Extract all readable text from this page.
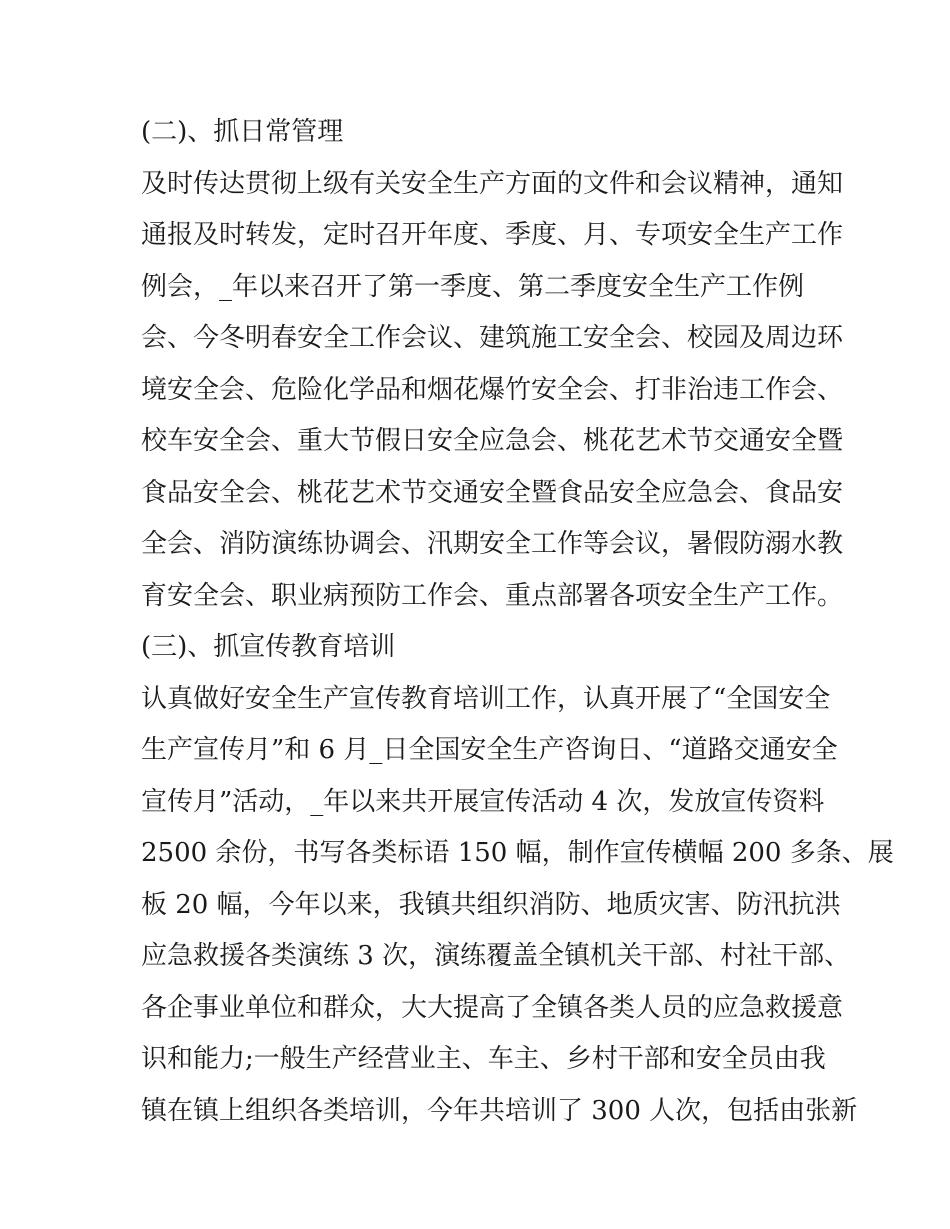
(二)、抓日常管理
及时传达贯彻上级有关安全生产方面的文件和会议精神，通知
通报及时转发，定时召开年度、季度、月、专项安全生产工作
例会，_年以来召开了第一季度、第二季度安全生产工作例
会、今冬明春安全工作会议、建筑施工安全会、校园及周边环
境安全会、危险化学品和烟花爆竹安全会、打非治违工作会、
校车安全会、重大节假日安全应急会、桃花艺术节交通安全暨
食品安全会、桃花艺术节交通安全暨食品安全应急会、食品安
全会、消防演练协调会、汛期安全工作等会议，暑假防溺水教
育安全会、职业病预防工作会、重点部署各项安全生产工作。
(三)、抓宣传教育培训
认真做好安全生产宣传教育培训工作，认真开展了“全国安全
生产宣传月”和 6 月_日全国安全生产咨询日、“道路交通安全
宣传月”活动，_年以来共开展宣传活动 4 次，发放宣传资料
2500 余份，书写各类标语 150 幅，制作宣传横幅 200 多条、展
板 20 幅，今年以来，我镇共组织消防、地质灾害、防汛抗洪
应急救援各类演练 3 次，演练覆盖全镇机关干部、村社干部、
各企事业单位和群众，大大提高了全镇各类人员的应急救援意
识和能力;一般生产经营业主、车主、乡村干部和安全员由我
镇在镇上组织各类培训，今年共培训了 300 人次，包括由张新
